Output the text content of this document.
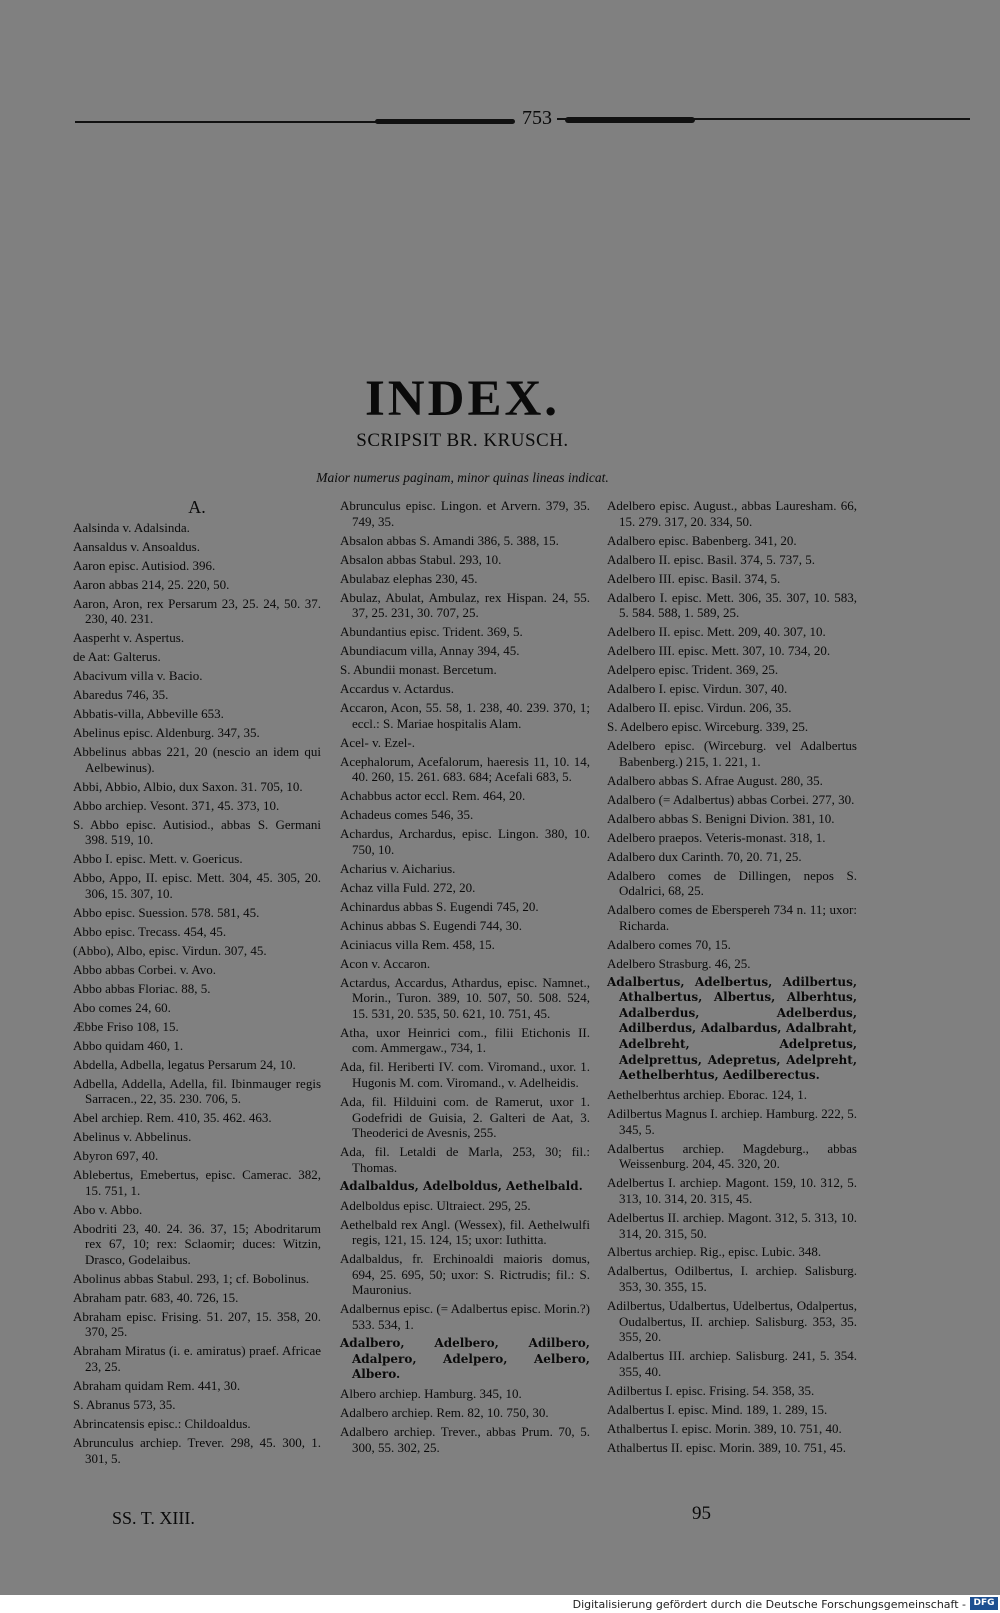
753
INDEX.
SCRIPSIT BR. KRUSCH.
Maior numerus paginam, minor quinas lineas indicat.
A.
Aalsinda v. Adalsinda.
Aansaldus v. Ansoaldus.
Aaron episc. Autisiod. 396.
Aaron abbas 214, 25. 220, 50.
Aaron, Aron, rex Persarum 23, 25. 24, 50. 37. 230, 40. 231.
Aasperht v. Aspertus.
de Aat: Galterus.
Abacivum villa v. Bacio.
Abaredus 746, 35.
Abbatis-villa, Abbeville 653.
Abelinus episc. Aldenburg. 347, 35.
Abbelinus abbas 221, 20 (nescio an idem qui Aelbewinus).
Abbi, Abbio, Albio, dux Saxon. 31. 705, 10.
Abbo archiep. Vesont. 371, 45. 373, 10.
S. Abbo episc. Autisiod., abbas S. Germani 398. 519, 10.
Abbo I. episc. Mett. v. Goericus.
Abbo, Appo, II. episc. Mett. 304, 45. 305, 20. 306, 15. 307, 10.
Abbo episc. Suession. 578. 581, 45.
Abbo episc. Trecass. 454, 45.
(Abbo), Albo, episc. Virdun. 307, 45.
Abbo abbas Corbei. v. Avo.
Abbo abbas Floriac. 88, 5.
Abo comes 24, 60.
Æbbe Friso 108, 15.
Abbo quidam 460, 1.
Abdella, Adbella, legatus Persarum 24, 10.
Adbella, Addella, Adella, fil. Ibinmauger regis Sarracen., 22, 35. 230. 706, 5.
Abel archiep. Rem. 410, 35. 462. 463.
Abelinus v. Abbelinus.
Abyron 697, 40.
Ablebertus, Emebertus, episc. Camerac. 382, 15. 751, 1.
Abo v. Abbo.
Abodriti 23, 40. 24. 36. 37, 15; Abodritarum rex 67, 10; rex: Sclaomir; duces: Witzin, Drasco, Godelaibus.
Abolinus abbas Stabul. 293, 1; cf. Bobolinus.
Abraham patr. 683, 40. 726, 15.
Abraham episc. Frising. 51. 207, 15. 358, 20. 370, 25.
Abraham Miratus (i. e. amiratus) praef. Africae 23, 25.
Abraham quidam Rem. 441, 30.
S. Abranus 573, 35.
Abrincatensis episc.: Childoaldus.
Abrunculus archiep. Trever. 298, 45. 300, 1. 301, 5.
Abrunculus episc. Lingon. et Arvern. 379, 35. 749, 35.
Absalon abbas S. Amandi 386, 5. 388, 15.
Absalon abbas Stabul. 293, 10.
Abulabaz elephas 230, 45.
Abulaz, Abulat, Ambulaz, rex Hispan. 24, 55. 37, 25. 231, 30. 707, 25.
Abundantius episc. Trident. 369, 5.
Abundiacum villa, Annay 394, 45.
S. Abundii monast. Bercetum.
Accardus v. Actardus.
Accaron, Acon, 55. 58, 1. 238, 40. 239. 370, 1; eccl.: S. Mariae hospitalis Alam.
Acel- v. Ezel-.
Acephalorum, Acefalorum, haeresis 11, 10. 14, 40. 260, 15. 261. 683. 684; Acefali 683, 5.
Achabbus actor eccl. Rem. 464, 20.
Achadeus comes 546, 35.
Achardus, Archardus, episc. Lingon. 380, 10. 750, 10.
Acharius v. Aicharius.
Achaz villa Fuld. 272, 20.
Achinardus abbas S. Eugendi 745, 20.
Achinus abbas S. Eugendi 744, 30.
Aciniacus villa Rem. 458, 15.
Acon v. Accaron.
Actardus, Accardus, Athardus, episc. Namnet., Morin., Turon. 389, 10. 507, 50. 508. 524, 15. 531, 20. 535, 50. 621, 10. 751, 45.
Atha, uxor Heinrici com., filii Etichonis II. com. Ammergaw., 734, 1.
Ada, fil. Heriberti IV. com. Viromand., uxor. 1. Hugonis M. com. Viromand., v. Adelheidis.
Ada, fil. Hilduini com. de Ramerut, uxor 1. Godefridi de Guisia, 2. Galteri de Aat, 3. Theoderici de Avesnis, 255.
Ada, fil. Letaldi de Marla, 253, 30; fil.: Thomas.
Adalbaldus, Adelboldus, Aethelbald.
Adelboldus episc. Ultraiect. 295, 25.
Aethelbald rex Angl. (Wessex), fil. Aethelwulfi regis, 121, 15. 124, 15; uxor: Iuthitta.
Adalbaldus, fr. Erchinoaldi maioris domus, 694, 25. 695, 50; uxor: S. Rictrudis; fil.: S. Mauronius.
Adalbernus episc. (= Adalbertus episc. Morin.?) 533. 534, 1.
Adalbero, Adelbero, Adilbero, Adalpero, Adelpero, Aelbero, Albero.
Albero archiep. Hamburg. 345, 10.
Adalbero archiep. Rem. 82, 10. 750, 30.
Adalbero archiep. Trever., abbas Prum. 70, 5. 300, 55. 302, 25.
Adelbero episc. August., abbas Lauresham. 66, 15. 279. 317, 20. 334, 50.
Adalbero episc. Babenberg. 341, 20.
Adalbero II. episc. Basil. 374, 5. 737, 5.
Adelbero III. episc. Basil. 374, 5.
Adalbero I. episc. Mett. 306, 35. 307, 10. 583, 5. 584. 588, 1. 589, 25.
Adelbero II. episc. Mett. 209, 40. 307, 10.
Adelbero III. episc. Mett. 307, 10. 734, 20.
Adelpero episc. Trident. 369, 25.
Adalbero I. episc. Virdun. 307, 40.
Adalbero II. episc. Virdun. 206, 35.
S. Adelbero episc. Wirceburg. 339, 25.
Adelbero episc. (Wirceburg. vel Adalbertus Babenberg.) 215, 1. 221, 1.
Adalbero abbas S. Afrae August. 280, 35.
Adalbero (= Adalbertus) abbas Corbei. 277, 30.
Adalbero abbas S. Benigni Divion. 381, 10.
Adelbero praepos. Veteris-monast. 318, 1.
Adalbero dux Carinth. 70, 20. 71, 25.
Adalbero comes de Dillingen, nepos S. Odalrici, 68, 25.
Adalbero comes de Eberspereh 734 n. 11; uxor: Richarda.
Adalbero comes 70, 15.
Adelbero Strasburg. 46, 25.
Adalbertus, Adelbertus, Adilbertus, Athalbertus, Albertus, Alberhtus, Adalberdus, Adelberdus, Adilberdus, Adalbardus, Adalbraht, Adelbreht, Adelpretus, Adelprettus, Adepretus, Adelpreht, Aethelberhtus, Aedilberectus.
Aethelberhtus archiep. Eborac. 124, 1.
Adilbertus Magnus I. archiep. Hamburg. 222, 5. 345, 5.
Adalbertus archiep. Magdeburg., abbas Weissenburg. 204, 45. 320, 20.
Adelbertus I. archiep. Magont. 159, 10. 312, 5. 313, 10. 314, 20. 315, 45.
Adelbertus II. archiep. Magont. 312, 5. 313, 10. 314, 20. 315, 50.
Albertus archiep. Rig., episc. Lubic. 348.
Adalbertus, Odilbertus, I. archiep. Salisburg. 353, 30. 355, 15.
Adilbertus, Udalbertus, Udelbertus, Odalpertus, Oudalbertus, II. archiep. Salisburg. 353, 35. 355, 20.
Adalbertus III. archiep. Salisburg. 241, 5. 354. 355, 40.
Adilbertus I. episc. Frising. 54. 358, 35.
Adalbertus I. episc. Mind. 189, 1. 289, 15.
Athalbertus I. episc. Morin. 389, 10. 751, 40.
Athalbertus II. episc. Morin. 389, 10. 751, 45.
SS. T. XIII.	95
Digitalisierung gefördert durch die Deutsche Forschungsgemeinschaft - DFG
